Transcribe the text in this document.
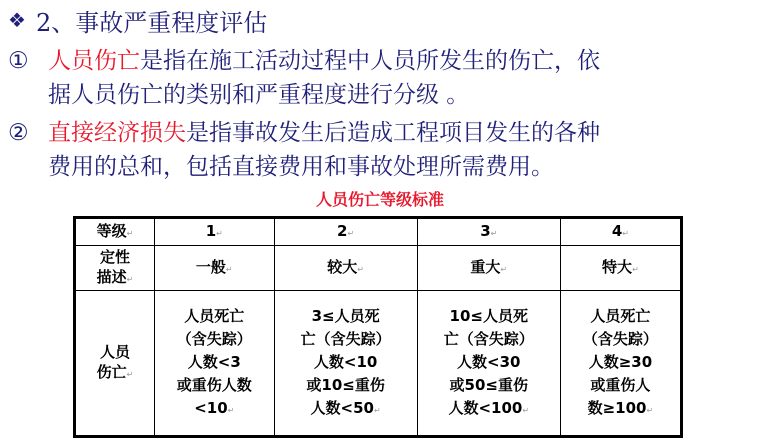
❖ 2、事故严重程度评估
① 人员伤亡是指在施工活动过程中人员所发生的伤亡，依
据人员伤亡的类别和严重程度进行分级 。
② 直接经济损失是指事故发生后造成工程项目发生的各种
费用的总和，包括直接费用和事故处理所需费用。
人员伤亡等级标准
等级↵	1↵	2↵	3↵	4↵
定性
描述↵	一般↵	较大↵	重大↵	特大↵
人员
伤亡↵	人员死亡
（含失踪）
人数<3
或重伤人数
<10↵	3≤人员死
亡（含失踪）
人数<10
或10≤重伤
人数<50↵	10≤人员死
亡（含失踪）
人数<30
或50≤重伤
人数<100↵	人员死亡
（含失踪）
人数≥30
或重伤人
数≥100↵
